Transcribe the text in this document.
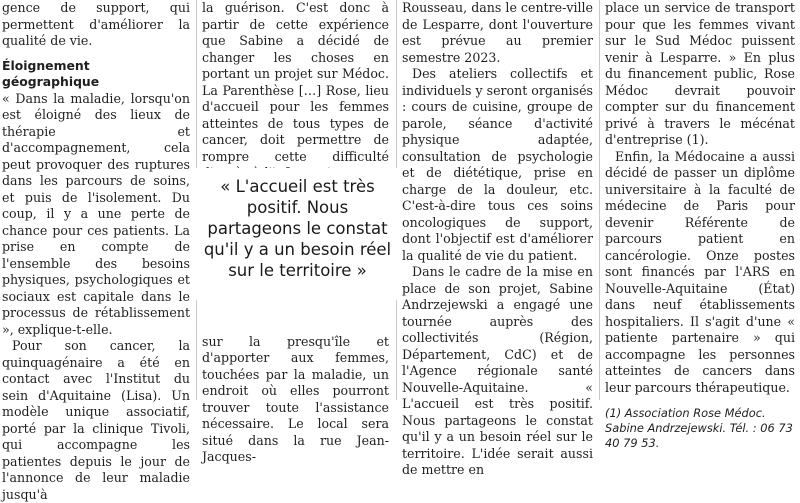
gence de support, qui permettent d'améliorer la qualité de vie.

Éloignement géographique

« Dans la maladie, lorsqu'on est éloigné des lieux de thérapie et d'accompagnement, cela peut provoquer des ruptures dans les parcours de soins, et puis de l'isolement. Du coup, il y a une perte de chance pour ces patients. La prise en compte de l'ensemble des besoins physiques, psychologiques et sociaux est capitale dans le processus de rétablissement », explique-t-elle.

Pour son cancer, la quinquagénaire a été en contact avec l'Institut du sein d'Aquitaine (Lisa). Un modèle unique associatif, porté par la clinique Tivoli, qui accompagne les patientes depuis le jour de l'annonce de leur maladie jusqu'à

la guérison. C'est donc à partir de cette expérience que Sabine a décidé de changer les choses en portant un projet sur Médoc. La Parenthèse […] Rose, lieu d'accueil pour les femmes atteintes de tous types de cancer, doit permettre de rompre cette difficulté

sur la presqu'île et d'apporter aux femmes, touchées par la maladie, un endroit où elles pourront trouver toute l'assistance nécessaire. Le local sera situé dans la rue Jean-Jacques-

« L'accueil est très positif. Nous partageons le constat qu'il y a un besoin réel sur le territoire »

Rousseau, dans le centre-ville de Lesparre, dont l'ouverture est prévue au premier semestre 2023.

Des ateliers collectifs et individuels y seront organisés : cours de cuisine, groupe de parole, séance d'activité physique adaptée, consultation de psychologie et de diététique, prise en charge de la douleur, etc. C'est-à-dire tous ces soins oncologiques de support, dont l'objectif est d'améliorer la qualité de vie du patient.

Dans le cadre de la mise en place de son projet, Sabine Andrzejewski a engagé une tournée auprès des collectivités (Région, Département, CdC) et de l'Agence régionale santé Nouvelle-Aquitaine. « L'accueil est très positif. Nous partageons le constat qu'il y a un besoin réel sur le territoire. L'idée serait aussi de mettre en

place un service de transport pour que les femmes vivant sur le Sud Médoc puissent venir à Lesparre. » En plus du financement public, Rose Médoc devrait pouvoir compter sur du financement privé à travers le mécénat d'entreprise (1).

Enfin, la Médocaine a aussi décidé de passer un diplôme universitaire à la faculté de médecine de Paris pour devenir Référente de parcours patient en cancérologie. Onze postes sont financés par l'ARS en Nouvelle-Aquitaine (État) dans neuf établissements hospitaliers. Il s'agit d'une « patiente partenaire » qui accompagne les personnes atteintes de cancers dans leur parcours thérapeutique.

(1) Association Rose Médoc. Sabine Andrzejewski. Tél. : 06 73 40 79 53.
